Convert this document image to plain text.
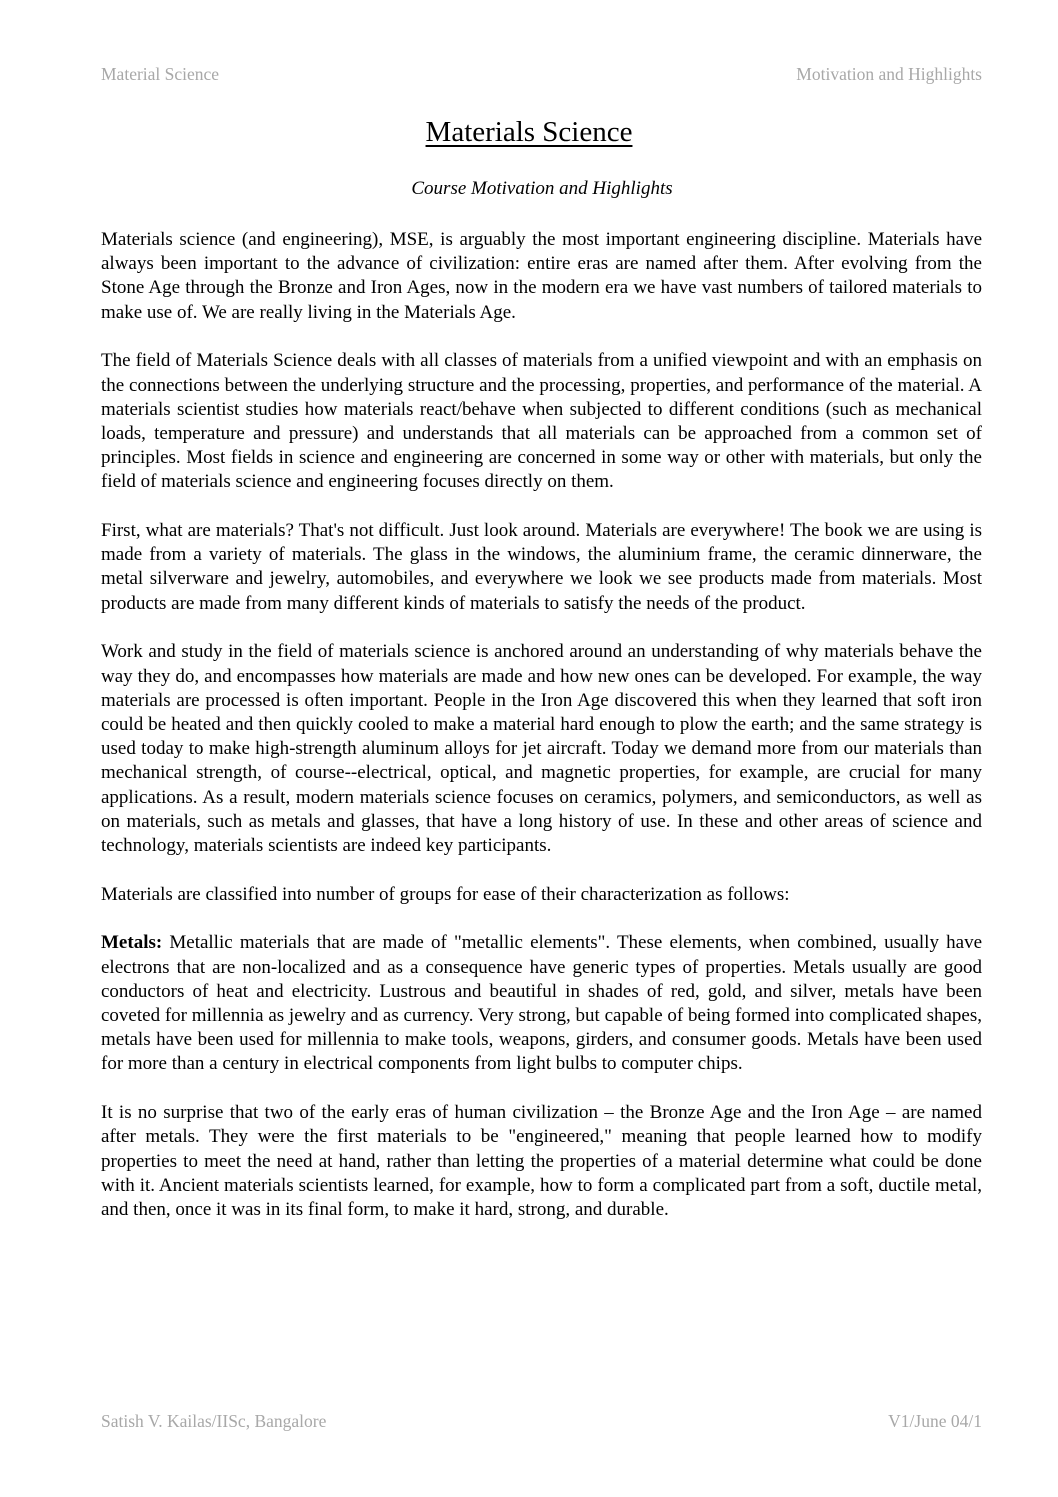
Material Science	Motivation and Highlights
Materials Science

Course Motivation and Highlights

Materials science (and engineering), MSE, is arguably the most important engineering discipline. Materials have always been important to the advance of civilization: entire eras are named after them. After evolving from the Stone Age through the Bronze and Iron Ages, now in the modern era we have vast numbers of tailored materials to make use of. We are really living in the Materials Age.

The field of Materials Science deals with all classes of materials from a unified viewpoint and with an emphasis on the connections between the underlying structure and the processing, properties, and performance of the material. A materials scientist studies how materials react/behave when subjected to different conditions (such as mechanical loads, temperature and pressure) and understands that all materials can be approached from a common set of principles. Most fields in science and engineering are concerned in some way or other with materials, but only the field of materials science and engineering focuses directly on them.

First, what are materials? That's not difficult. Just look around. Materials are everywhere! The book we are using is made from a variety of materials. The glass in the windows, the aluminium frame, the ceramic dinnerware, the metal silverware and jewelry, automobiles, and everywhere we look we see products made from materials. Most products are made from many different kinds of materials to satisfy the needs of the product.

Work and study in the field of materials science is anchored around an understanding of why materials behave the way they do, and encompasses how materials are made and how new ones can be developed. For example, the way materials are processed is often important. People in the Iron Age discovered this when they learned that soft iron could be heated and then quickly cooled to make a material hard enough to plow the earth; and the same strategy is used today to make high-strength aluminum alloys for jet aircraft. Today we demand more from our materials than mechanical strength, of course--electrical, optical, and magnetic properties, for example, are crucial for many applications. As a result, modern materials science focuses on ceramics, polymers, and semiconductors, as well as on materials, such as metals and glasses, that have a long history of use. In these and other areas of science and technology, materials scientists are indeed key participants.

Materials are classified into number of groups for ease of their characterization as follows:

Metals: Metallic materials that are made of "metallic elements". These elements, when combined, usually have electrons that are non-localized and as a consequence have generic types of properties. Metals usually are good conductors of heat and electricity. Lustrous and beautiful in shades of red, gold, and silver, metals have been coveted for millennia as jewelry and as currency. Very strong, but capable of being formed into complicated shapes, metals have been used for millennia to make tools, weapons, girders, and consumer goods. Metals have been used for more than a century in electrical components from light bulbs to computer chips.

It is no surprise that two of the early eras of human civilization – the Bronze Age and the Iron Age – are named after metals. They were the first materials to be "engineered," meaning that people learned how to modify properties to meet the need at hand, rather than letting the properties of a material determine what could be done with it. Ancient materials scientists learned, for example, how to form a complicated part from a soft, ductile metal, and then, once it was in its final form, to make it hard, strong, and durable.

Satish V. Kailas/IISc, Bangalore	V1/June 04/1
